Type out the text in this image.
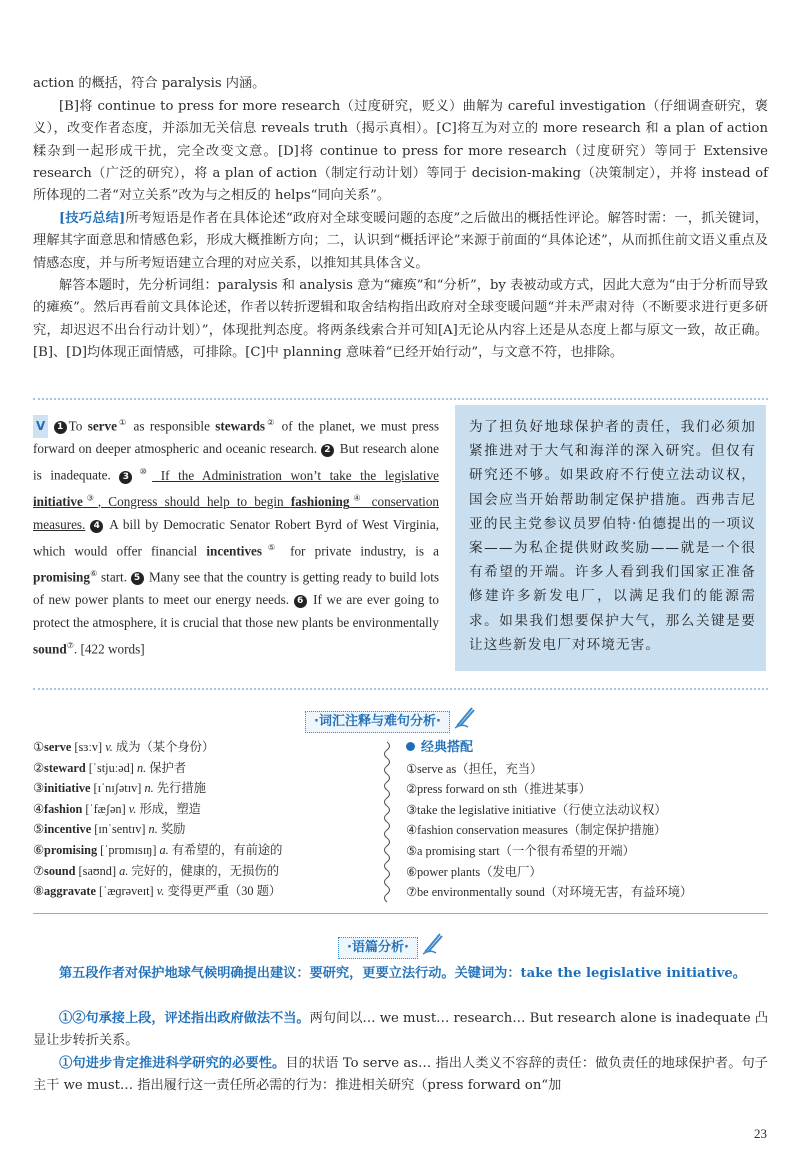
action 的概括，符合 paralysis 内涵。

[B]将 continue to press for more research（过度研究，贬义）曲解为 careful investigation（仔细调查研究，褒义），改变作者态度，并添加无关信息 reveals truth（揭示真相）。[C]将互为对立的 more research 和 a plan of action 糅杂到一起形成干扰，完全改变文意。[D]将 continue to press for more research（过度研究）等同于 Extensive research（广泛的研究），将 a plan of action（制定行动计划）等同于 decision-making（决策制定），并将 instead of 所体现的二者“对立关系”改为与之相反的 helps“同向关系”。

[技巧总结]所考短语是作者在具体论述“政府对全球变暖问题的态度”之后做出的概括性评论。解答时需：一，抓关键词，理解其字面意思和情感色彩，形成大概推断方向；二，认识到“概括评论”来源于前面的“具体论述”，从而抓住前文语义重点及情感态度，并与所考短语建立合理的对应关系，以推知其具体含义。

解答本题时，先分析词组：paralysis 和 analysis 意为“瘫痪”和“分析”，by 表被动或方式，因此大意为“由于分析而导致的瘫痪”。然后再看前文具体论述，作者以转折逻辑和取舍结构指出政府对全球变暖问题“并未严肃对待（不断要求进行更多研究，却迟迟不出台行动计划）”，体现批判态度。将两条线索合并可知[A]无论从内容上还是从态度上都与原文一致，故正确。[B]、[D]均体现正面情感，可排除。[C]中 planning 意味着“已经开始行动”，与文意不符，也排除。

V 1 To serve① as responsible stewards② of the planet, we must press forward on deeper atmospheric and oceanic research. 2 But research alone is inadequate. 3 ⑩ If the Administration won’t take the legislative initiative③, Congress should help to begin fashioning④ conservation measures. 4 A bill by Democratic Senator Robert Byrd of West Virginia, which would offer financial incentives⑤ for private industry, is a promising⑥ start. 5 Many see that the country is getting ready to build lots of new power plants to meet our energy needs. 6 If we are ever going to protect the atmosphere, it is crucial that those new plants be environmentally sound⑦. [422 words]
为了担负好地球保护者的责任，我们必须加紧推进对于大气和海洋的深入研究。但仅有研究还不够。如果政府不行使立法动议权，国会应当开始帮助制定保护措施。西弗吉尼亚的民主党参议员罗伯特·伯德提出的一项议案——为私企提供财政奖励——就是一个很有希望的开端。许多人看到我们国家正准备修建许多新发电厂，以满足我们的能源需求。如果我们想要保护大气，那么关键是要让这些新发电厂对环境无害。
·词汇注释与难句分析·
①serve [sɜːv] v. 成为（某个身份）
②steward [ˈstjuːəd] n. 保护者
③initiative [ɪˈnɪʃətɪv] n. 先行措施
④fashion [ˈfæʃən] v. 形成，塑造
⑤incentive [ɪnˈsentɪv] n. 奖励
⑥promising [ˈprɒmɪsɪŋ] a. 有希望的，有前途的
⑦sound [saʊnd] a. 完好的，健康的，无损伤的
⑧aggravate [ˈæɡrəveɪt] v. 变得更严重（30 题）
经典搭配
①serve as（担任，充当）
②press forward on sth（推进某事）
③take the legislative initiative（行使立法动议权）
④fashion conservation measures（制定保护措施）
⑤a promising start（一个很有希望的开端）
⑥power plants（发电厂）
⑦be environmentally sound（对环境无害，有益环境）
·语篇分析·

第五段作者对保护地球气候明确提出建议：要研究，更要立法行动。关键词为：take the legislative initiative。

①②句承接上段，评述指出政府做法不当。两句间以… we must… research… But research alone is inadequate 凸显让步转折关系。

①句进步肯定推进科学研究的必要性。目的状语 To serve as… 指出人类义不容辞的责任：做负责任的地球保护者。句子主干 we must… 指出履行这一责任所必需的行为：推进相关研究（press forward on“加

23
